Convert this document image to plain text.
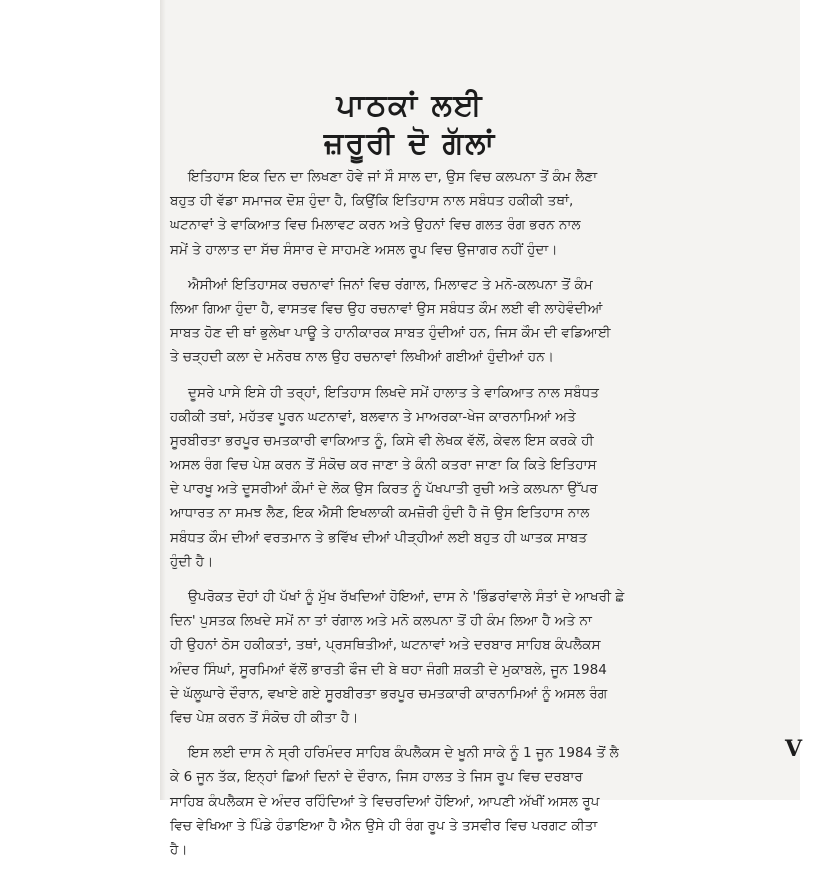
ਪਾਠਕਾਂ ਲਈ
ਜ਼ਰੂਰੀ ਦੋ ਗੱਲਾਂ

ਇਤਿਹਾਸ ਇਕ ਦਿਨ ਦਾ ਲਿਖਣਾ ਹੋਵੇ ਜਾਂ ਸੌ ਸਾਲ ਦਾ, ਉਸ ਵਿਚ ਕਲਪਨਾ ਤੋਂ ਕੰਮ ਲੈਣਾ
ਬਹੁਤ ਹੀ ਵੱਡਾ ਸਮਾਜਕ ਦੋਸ਼ ਹੁੰਦਾ ਹੈ, ਕਿਉਂਕਿ ਇਤਿਹਾਸ ਨਾਲ ਸਬੰਧਤ ਹਕੀਕੀ ਤਥਾਂ,
ਘਟਨਾਵਾਂ ਤੇ ਵਾਕਿਆਤ ਵਿਚ ਮਿਲਾਵਟ ਕਰਨ ਅਤੇ ਉਹਨਾਂ ਵਿਚ ਗਲਤ ਰੰਗ ਭਰਨ ਨਾਲ
ਸਮੇਂ ਤੇ ਹਾਲਾਤ ਦਾ ਸੱਚ ਸੰਸਾਰ ਦੇ ਸਾਹਮਣੇ ਅਸਲ ਰੂਪ ਵਿਚ ਉਜਾਗਰ ਨਹੀਂ ਹੁੰਦਾ।

ਐਸੀਆਂ ਇਤਿਹਾਸਕ ਰਚਨਾਵਾਂ ਜਿਨਾਂ ਵਿਚ ਰਂਗਾਲ, ਮਿਲਾਵਟ ਤੇ ਮਨੋ-ਕਲਪਨਾ ਤੋਂ ਕੰਮ
ਲਿਆ ਗਿਆ ਹੁੰਦਾ ਹੈ, ਵਾਸਤਵ ਵਿਚ ਉਹ ਰਚਨਾਵਾਂ ਉਸ ਸਬੰਧਤ ਕੌਮ ਲਈ ਵੀ ਲਾਹੇਵੰਦੀਆਂ
ਸਾਬਤ ਹੋਣ ਦੀ ਥਾਂ ਭੁਲੇਖਾ ਪਾਊ ਤੇ ਹਾਨੀਕਾਰਕ ਸਾਬਤ ਹੁੰਦੀਆਂ ਹਨ, ਜਿਸ ਕੌਮ ਦੀ ਵਡਿਆਈ
ਤੇ ਚੜ੍ਹਦੀ ਕਲਾ ਦੇ ਮਨੋਰਥ ਨਾਲ ਉਹ ਰਚਨਾਵਾਂ ਲਿਖੀਆਂ ਗਈਆਂ ਹੁੰਦੀਆਂ ਹਨ।

ਦੂਸਰੇ ਪਾਸੇ ਇਸੇ ਹੀ ਤਰ੍ਹਾਂ, ਇਤਿਹਾਸ ਲਿਖਦੇ ਸਮੇਂ ਹਾਲਾਤ ਤੇ ਵਾਕਿਆਤ ਨਾਲ ਸਬੰਧਤ
ਹਕੀਕੀ ਤਥਾਂ, ਮਹੱਤਵ ਪੂਰਨ ਘਟਨਾਵਾਂ, ਬਲਵਾਨ ਤੇ ਮਾਅਰਕਾ-ਖੇਜ ਕਾਰਨਾਮਿਆਂ ਅਤੇ
ਸੂਰਬੀਰਤਾ ਭਰਪੂਰ ਚਮਤਕਾਰੀ ਵਾਕਿਆਤ ਨੂੰ, ਕਿਸੇ ਵੀ ਲੇਖਕ ਵੱਲੋਂ, ਕੇਵਲ ਇਸ ਕਰਕੇ ਹੀ
ਅਸਲ ਰੰਗ ਵਿਚ ਪੇਸ਼ ਕਰਨ ਤੋਂ ਸੰਕੋਚ ਕਰ ਜਾਣਾ ਤੇ ਕੰਨੀ ਕਤਰਾ ਜਾਣਾ ਕਿ ਕਿਤੇ ਇਤਿਹਾਸ
ਦੇ ਪਾਰਖੂ ਅਤੇ ਦੂਸਰੀਆਂ ਕੌਮਾਂ ਦੇ ਲੋਕ ਉਸ ਕਿਰਤ ਨੂੰ ਪੱਖਪਾਤੀ ਰੁਚੀ ਅਤੇ ਕਲਪਨਾ ਉੱਪਰ
ਆਧਾਰਤ ਨਾ ਸਮਝ ਲੈਣ, ਇਕ ਐਸੀ ਇਖਲਾਕੀ ਕਮਜ਼ੋਰੀ ਹੁੰਦੀ ਹੈ ਜੋ ਉਸ ਇਤਿਹਾਸ ਨਾਲ
ਸਬੰਧਤ ਕੌਮ ਦੀਆਂ ਵਰਤਮਾਨ ਤੇ ਭਵਿੱਖ ਦੀਆਂ ਪੀੜ੍ਹੀਆਂ ਲਈ ਬਹੁਤ ਹੀ ਘਾਤਕ ਸਾਬਤ
ਹੁੰਦੀ ਹੈ।

ਉਪਰੋਕਤ ਦੋਹਾਂ ਹੀ ਪੱਖਾਂ ਨੂੰ ਮੁੱਖ ਰੱਖਦਿਆਂ ਹੋਇਆਂ, ਦਾਸ ਨੇ 'ਭਿੰਡਰਾਂਵਾਲੇ ਸੰਤਾਂ ਦੇ ਆਖਰੀ ਛੇ
ਦਿਨ' ਪੁਸਤਕ ਲਿਖਦੇ ਸਮੇਂ ਨਾ ਤਾਂ ਰਂਗਾਲ ਅਤੇ ਮਨੋ ਕਲਪਨਾ ਤੋਂ ਹੀ ਕੰਮ ਲਿਆ ਹੈ ਅਤੇ ਨਾ
ਹੀ ਉਹਨਾਂ ਠੋਸ ਹਕੀਕਤਾਂ, ਤਥਾਂ, ਪ੍ਰਸਥਿਤੀਆਂ, ਘਟਨਾਵਾਂ ਅਤੇ ਦਰਬਾਰ ਸਾਹਿਬ ਕੰਪਲੈਕਸ
ਅੰਦਰ ਸਿੰਘਾਂ, ਸੂਰਮਿਆਂ ਵੱਲੋਂ ਭਾਰਤੀ ਫੌਜ ਦੀ ਬੇ ਥਹਾ ਜੰਗੀ ਸ਼ਕਤੀ ਦੇ ਮੁਕਾਬਲੇ, ਜੂਨ 1984
ਦੇ ਘੱਲੂਘਾਰੇ ਦੌਰਾਨ, ਵਖਾਏ ਗਏ ਸੂਰਬੀਰਤਾ ਭਰਪੂਰ ਚਮਤਕਾਰੀ ਕਾਰਨਾਮਿਆਂ ਨੂੰ ਅਸਲ ਰੰਗ
ਵਿਚ ਪੇਸ਼ ਕਰਨ ਤੋਂ ਸੰਕੋਚ ਹੀ ਕੀਤਾ ਹੈ।

ਇਸ ਲਈ ਦਾਸ ਨੇ ਸ੍ਰੀ ਹਰਿਮੰਦਰ ਸਾਹਿਬ ਕੰਪਲੈਕਸ ਦੇ ਖੂਨੀ ਸਾਕੇ ਨੂੰ 1 ਜੂਨ 1984 ਤੋਂ ਲੈ
ਕੇ 6 ਜੂਨ ਤੱਕ, ਇਨ੍ਹਾਂ ਛਿਆਂ ਦਿਨਾਂ ਦੇ ਦੌਰਾਨ, ਜਿਸ ਹਾਲਤ ਤੇ ਜਿਸ ਰੂਪ ਵਿਚ ਦਰਬਾਰ
ਸਾਹਿਬ ਕੰਪਲੈਕਸ ਦੇ ਅੰਦਰ ਰਹਿੰਦਿਆਂ ਤੇ ਵਿਚਰਦਿਆਂ ਹੋਇਆਂ, ਆਪਣੀ ਅੱਖੀਂ ਅਸਲ ਰੂਪ
ਵਿਚ ਵੇਖਿਆ ਤੇ ਪਿੰਡੇ ਹੰਡਾਇਆ ਹੈ ਐਨ ਉਸੇ ਹੀ ਰੰਗ ਰੂਪ ਤੇ ਤਸਵੀਰ ਵਿਚ ਪਰਗਟ ਕੀਤਾ
ਹੈ।

V
